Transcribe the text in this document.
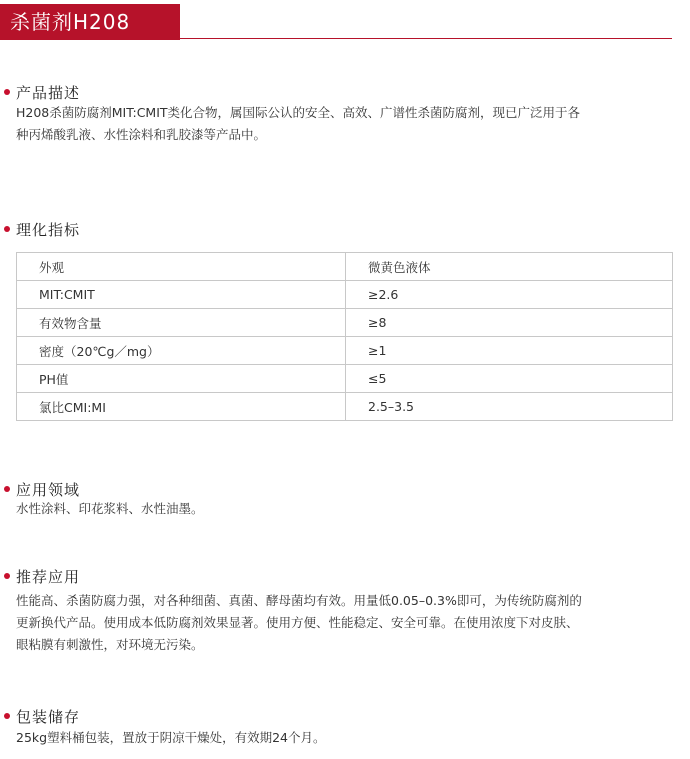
杀菌剂H208
产品描述
H208杀菌防腐剂MIT:CMIT类化合物，属国际公认的安全、高效、广谱性杀菌防腐剂，现已广泛用于各
种丙烯酸乳液、水性涂料和乳胶漆等产品中。
理化指标
外观	微黄色液体
MIT:CMIT	≥2.6
有效物含量	≥8
密度（20℃g／mg）	≥1
PH值	≤5
氯比CMI:MI	2.5–3.5
应用领域
水性涂料、印花浆料、水性油墨。
推荐应用
性能高、杀菌防腐力强，对各种细菌、真菌、酵母菌均有效。用量低0.05–0.3%即可，为传统防腐剂的
更新换代产品。使用成本低防腐剂效果显著。使用方便、性能稳定、安全可靠。在使用浓度下对皮肤、
眼粘膜有刺激性，对环境无污染。
包装储存
25kg塑料桶包装，置放于阴凉干燥处，有效期24个月。
